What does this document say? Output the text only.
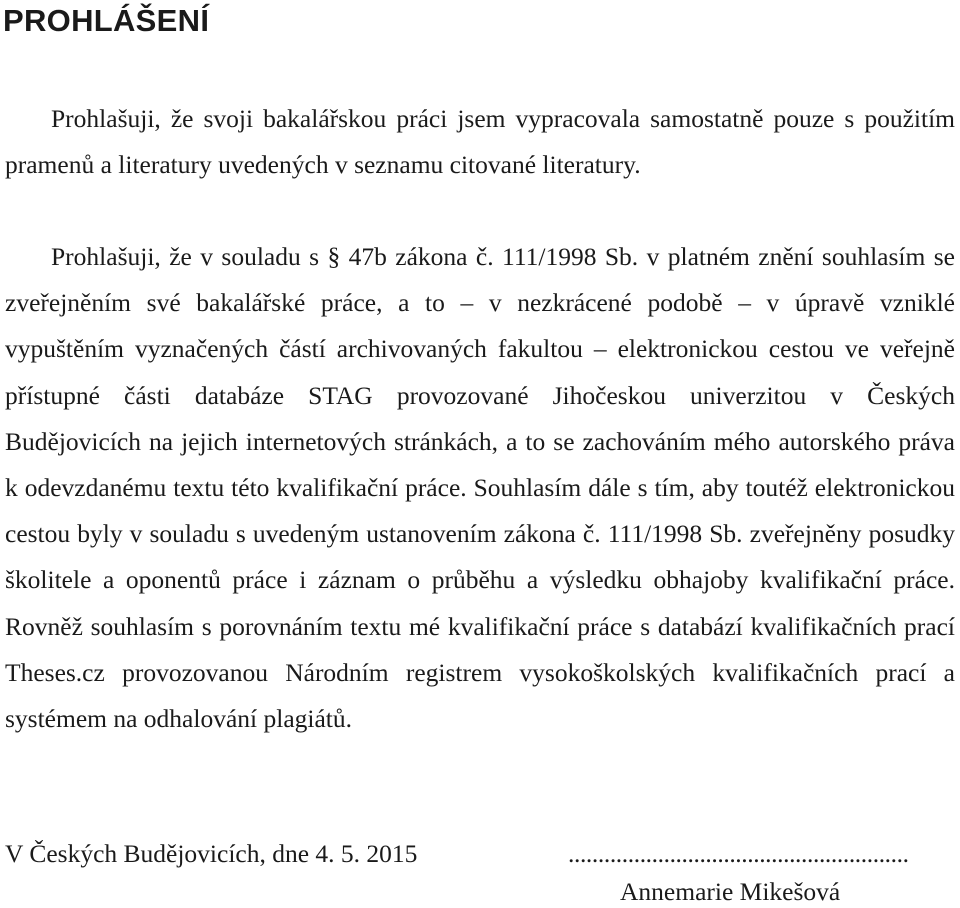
PROHLÁŠENÍ

Prohlašuji, že svoji bakalářskou práci jsem vypracovala samostatně pouze s použitím pramenů a literatury uvedených v seznamu citované literatury.

Prohlašuji, že v souladu s § 47b zákona č. 111/1998 Sb. v platném znění souhlasím se zveřejněním své bakalářské práce, a to – v nezkrácené podobě – v úpravě vzniklé vypuštěním vyznačených částí archivovaných fakultou – elektronickou cestou ve veřejně přístupné části databáze STAG provozované Jihočeskou univerzitou v Českých Budějovicích na jejich internetových stránkách, a to se zachováním mého autorského práva k odevzdanému textu této kvalifikační práce. Souhlasím dále s tím, aby toutéž elektronickou cestou byly v souladu s uvedeným ustanovením zákona č. 111/1998 Sb. zveřejněny posudky školitele a oponentů práce i záznam o průběhu a výsledku obhajoby kvalifikační práce. Rovněž souhlasím s porovnáním textu mé kvalifikační práce s databází kvalifikačních prací Theses.cz provozovanou Národním registrem vysokoškolských kvalifikačních prací a systémem na odhalování plagiátů.

V Českých Budějovicích, dne 4. 5. 2015	.........................................................
Annemarie Mikešová
